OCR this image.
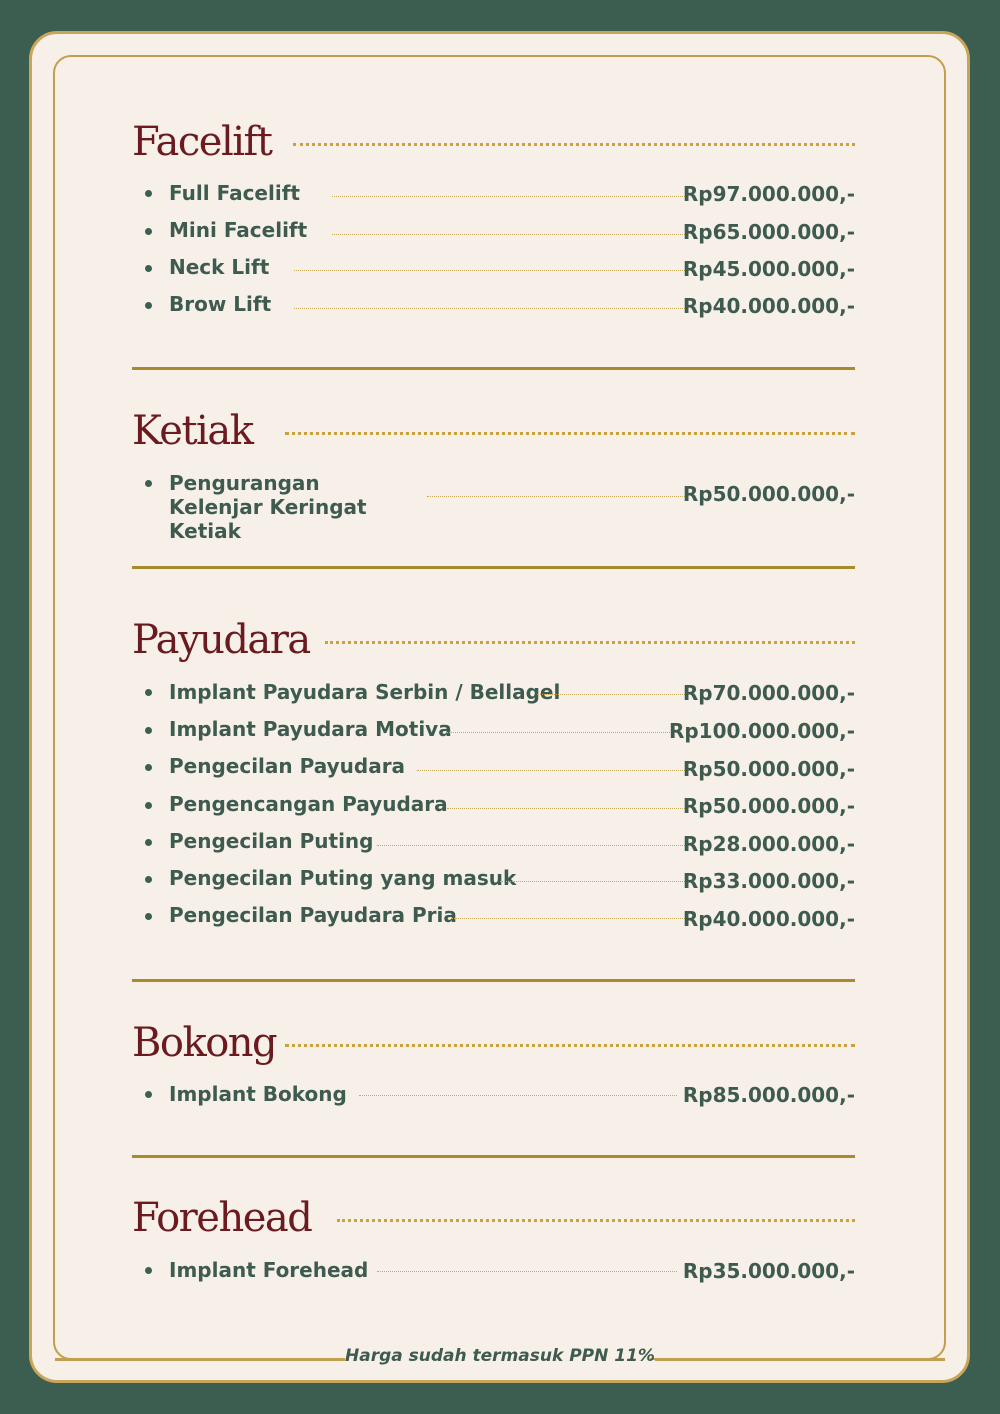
Facelift
Full Facelift	Rp97.000.000,-
Mini Facelift	Rp65.000.000,-
Neck Lift	Rp45.000.000,-
Brow Lift	Rp40.000.000,-
Ketiak
Pengurangan Kelenjar Keringat Ketiak
Rp50.000.000,-
Payudara
Implant Payudara Serbin / Bellagel	Rp70.000.000,-
Implant Payudara Motiva	Rp100.000.000,-
Pengecilan Payudara	Rp50.000.000,-
Pengencangan Payudara	Rp50.000.000,-
Pengecilan Puting	Rp28.000.000,-
Pengecilan Puting yang masuk	Rp33.000.000,-
Pengecilan Payudara Pria	Rp40.000.000,-
Bokong
Implant Bokong	Rp85.000.000,-
Forehead
Implant Forehead	Rp35.000.000,-
Harga sudah termasuk PPN 11%
